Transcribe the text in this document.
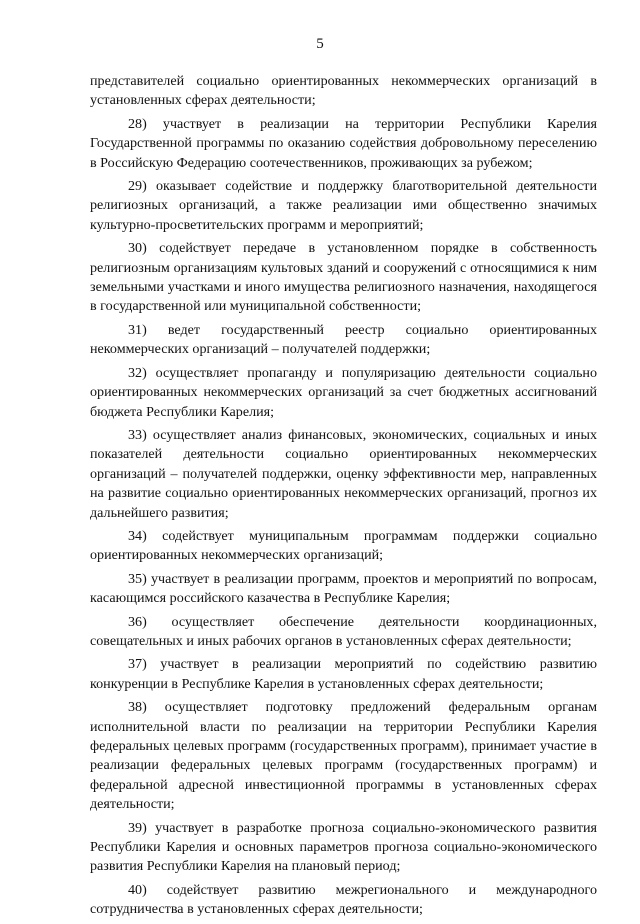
5

представителей социально ориентированных некоммерческих организаций в установленных сферах деятельности;

28) участвует в реализации на территории Республики Карелия Государственной программы по оказанию содействия добровольному переселению в Российскую Федерацию соотечественников, проживающих за рубежом;

29) оказывает содействие и поддержку благотворительной деятельности религиозных организаций, а также реализации ими общественно значимых культурно-просветительских программ и мероприятий;

30) содействует передаче в установленном порядке в собственность религиозным организациям культовых зданий и сооружений с относящимися к ним земельными участками и иного имущества религиозного назначения, находящегося в государственной или муниципальной собственности;

31) ведет государственный реестр социально ориентированных некоммерческих организаций – получателей поддержки;

32) осуществляет пропаганду и популяризацию деятельности социально ориентированных некоммерческих организаций за счет бюджетных ассигнований бюджета Республики Карелия;

33) осуществляет анализ финансовых, экономических, социальных и иных показателей деятельности социально ориентированных некоммерческих организаций – получателей поддержки, оценку эффективности мер, направленных на развитие социально ориентированных некоммерческих организаций, прогноз их дальнейшего развития;

34) содействует муниципальным программам поддержки социально ориентированных некоммерческих организаций;

35) участвует в реализации программ, проектов и мероприятий по вопросам, касающимся российского казачества в Республике Карелия;

36) осуществляет обеспечение деятельности координационных, совещательных и иных рабочих органов в установленных сферах деятельности;

37) участвует в реализации мероприятий по содействию развитию конкуренции в Республике Карелия в установленных сферах деятельности;

38) осуществляет подготовку предложений федеральным органам исполнительной власти по реализации на территории Республики Карелия федеральных целевых программ (государственных программ), принимает участие в реализации федеральных целевых программ (государственных программ) и федеральной адресной инвестиционной программы в установленных сферах деятельности;

39) участвует в разработке прогноза социально-экономического развития Республики Карелия и основных параметров прогноза социально-экономического развития Республики Карелия на плановый период;

40) содействует развитию межрегионального и международного сотрудничества в установленных сферах деятельности;
